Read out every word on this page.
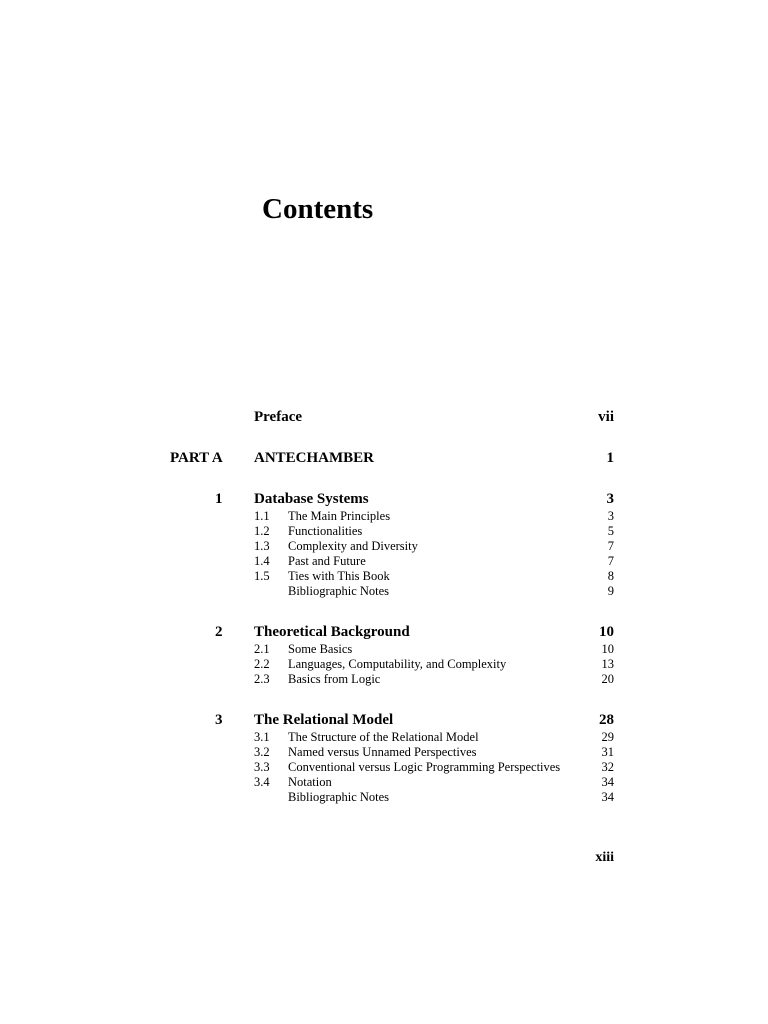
Contents
Preface	vii
PART A ANTECHAMBER	1
1 Database Systems	3
1.1 The Main Principles	3
1.2 Functionalities	5
1.3 Complexity and Diversity	7
1.4 Past and Future	7
1.5 Ties with This Book	8
Bibliographic Notes	9
2 Theoretical Background	10
2.1 Some Basics	10
2.2 Languages, Computability, and Complexity	13
2.3 Basics from Logic	20
3 The Relational Model	28
3.1 The Structure of the Relational Model	29
3.2 Named versus Unnamed Perspectives	31
3.3 Conventional versus Logic Programming Perspectives	32
3.4 Notation	34
Bibliographic Notes	34
xiii
